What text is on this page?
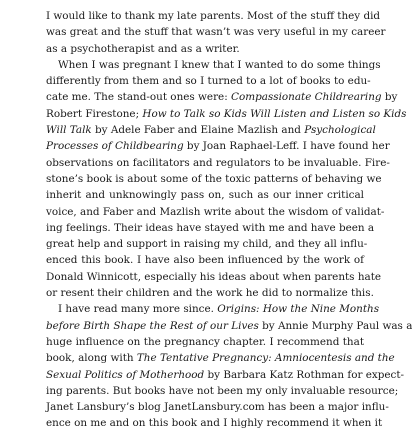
I would like to thank my late parents. Most of the stuff they did
was great and the stuff that wasn’t was very useful in my career
as a psychotherapist and as a writer.
When I was pregnant I knew that I wanted to do some things
differently from them and so I turned to a lot of books to edu-
cate me. The stand-out ones were: Compassionate Childrearing by
Robert Firestone; How to Talk so Kids Will Listen and Listen so Kids
Will Talk by Adele Faber and Elaine Mazlish and Psychological
Processes of Childbearing by Joan Raphael-Leff. I have found her
observations on facilitators and regulators to be invaluable. Fire-
stone’s book is about some of the toxic patterns of behaving we
inherit and unknowingly pass on, such as our inner critical
voice, and Faber and Mazlish write about the wisdom of validat-
ing feelings. Their ideas have stayed with me and have been a
great help and support in raising my child, and they all influ-
enced this book. I have also been influenced by the work of
Donald Winnicott, especially his ideas about when parents hate
or resent their children and the work he did to normalize this.
I have read many more since. Origins: How the Nine Months
before Birth Shape the Rest of our Lives by Annie Murphy Paul was a
huge influence on the pregnancy chapter. I recommend that
book, along with The Tentative Pregnancy: Amniocentesis and the
Sexual Politics of Motherhood by Barbara Katz Rothman for expect-
ing parents. But books have not been my only invaluable resource;
Janet Lansbury’s blog JanetLansbury.com has been a major influ-
ence on me and on this book and I highly recommend it when it
